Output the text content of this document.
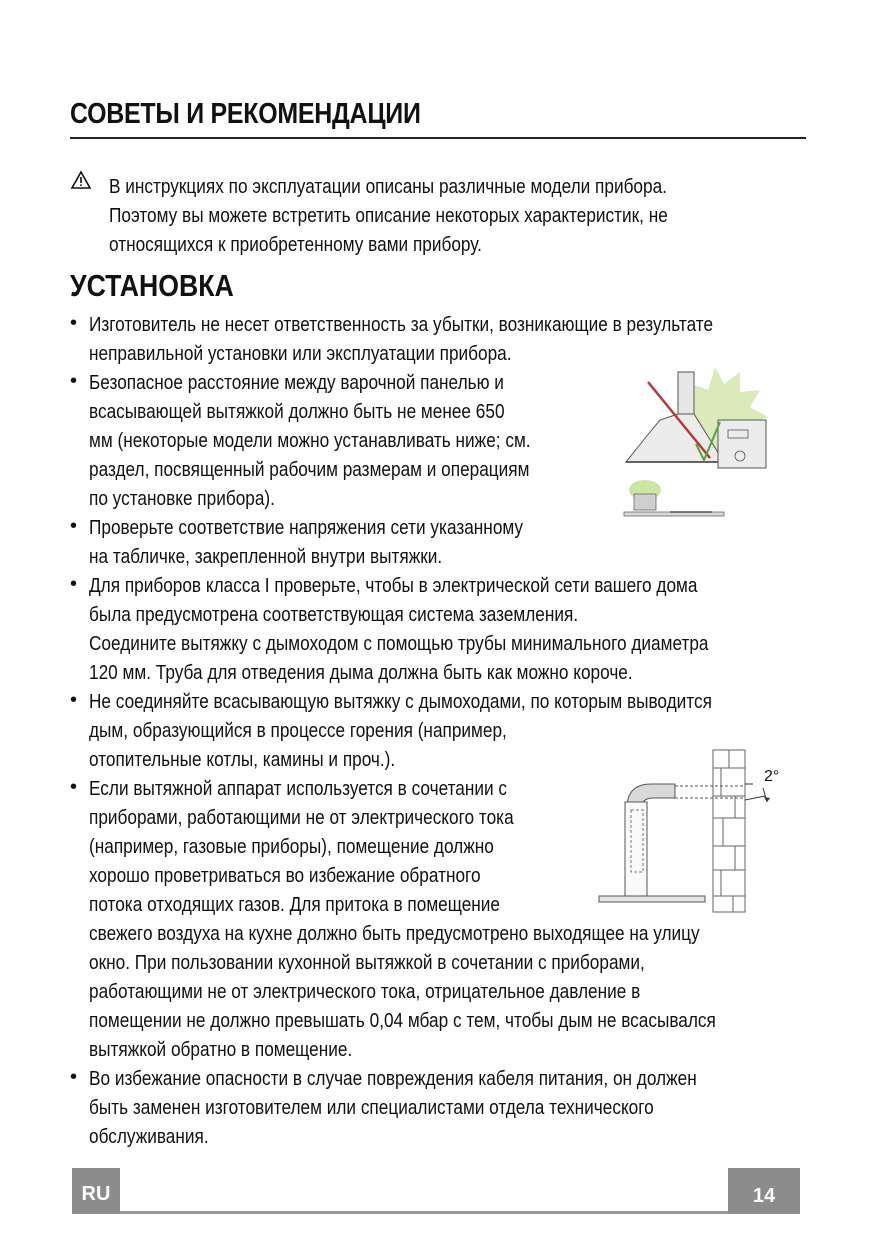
СОВЕТЫ И РЕКОМЕНДАЦИИ
В инструкциях по эксплуатации описаны различные модели прибора.
Поэтому вы можете встретить описание некоторых характеристик, не
относящихся к приобретенному вами прибору.
УСТАНОВКА
• Изготовитель не несет ответственность за убытки, возникающие в результате
неправильной установки или эксплуатации прибора.
• Безопасное расстояние между варочной панелью и
всасывающей вытяжкой должно быть не менее 650
мм (некоторые модели можно устанавливать ниже; см.
раздел, посвященный рабочим размерам и операциям
по установке прибора).
• Проверьте соответствие напряжения сети указанному
на табличке, закрепленной внутри вытяжки.
• Для приборов класса I проверьте, чтобы в электрической сети вашего дома
была предусмотрена соответствующая система заземления.
Соедините вытяжку с дымоходом с помощью трубы минимального диаметра
120 мм. Труба для отведения дыма должна быть как можно короче.
• Не соединяйте всасывающую вытяжку с дымоходами, по которым выводится
дым, образующийся в процессе горения (например,
отопительные котлы, камины и проч.).
• Если вытяжной аппарат используется в сочетании с
приборами, работающими не от электрического тока
(например, газовые приборы), помещение должно
хорошо проветриваться во избежание обратного
потока отходящих газов. Для притока в помещение
свежего воздуха на кухне должно быть предусмотрено выходящее на улицу
окно. При пользовании кухонной вытяжкой в сочетании с приборами,
работающими не от электрического тока, отрицательное давление в
помещении не должно превышать 0,04 мбар с тем, чтобы дым не всасывался
вытяжкой обратно в помещение.
• Во избежание опасности в случае повреждения кабеля питания, он должен
быть заменен изготовителем или специалистами отдела технического
обслуживания.
2°
RU	14
